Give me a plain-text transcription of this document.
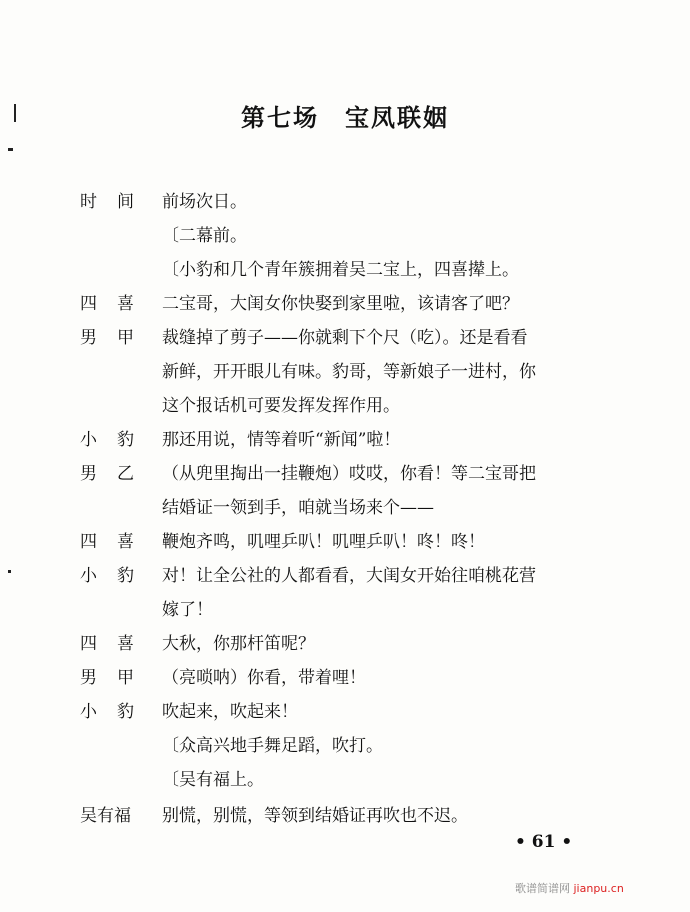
第七场　宝凤联姻
时间 前场次日。
〔二幕前。
〔小豹和几个青年簇拥着吴二宝上，四喜撵上。
四喜 二宝哥，大闺女你快娶到家里啦，该请客了吧？
男甲 裁缝掉了剪子——你就剩下个尺（吃）。还是看看
新鲜，开开眼儿有味。豹哥，等新娘子一进村，你
这个报话机可要发挥发挥作用。
小豹 那还用说，情等着听“新闻”啦！
男乙 （从兜里掏出一挂鞭炮）哎哎，你看！等二宝哥把
结婚证一领到手，咱就当场来个——
四喜 鞭炮齐鸣，叽哩乒叭！叽哩乒叭！咚！咚！
小豹 对！让全公社的人都看看，大闺女开始往咱桃花营
嫁了！
四喜 大秋，你那杆笛呢？
男甲 （亮唢呐）你看，带着哩！
小豹 吹起来，吹起来！
〔众高兴地手舞足蹈，吹打。
〔吴有福上。
吴有福	别慌，别慌，等领到结婚证再吹也不迟。
• 61 •
歌谱简谱网 jianpu.cn
